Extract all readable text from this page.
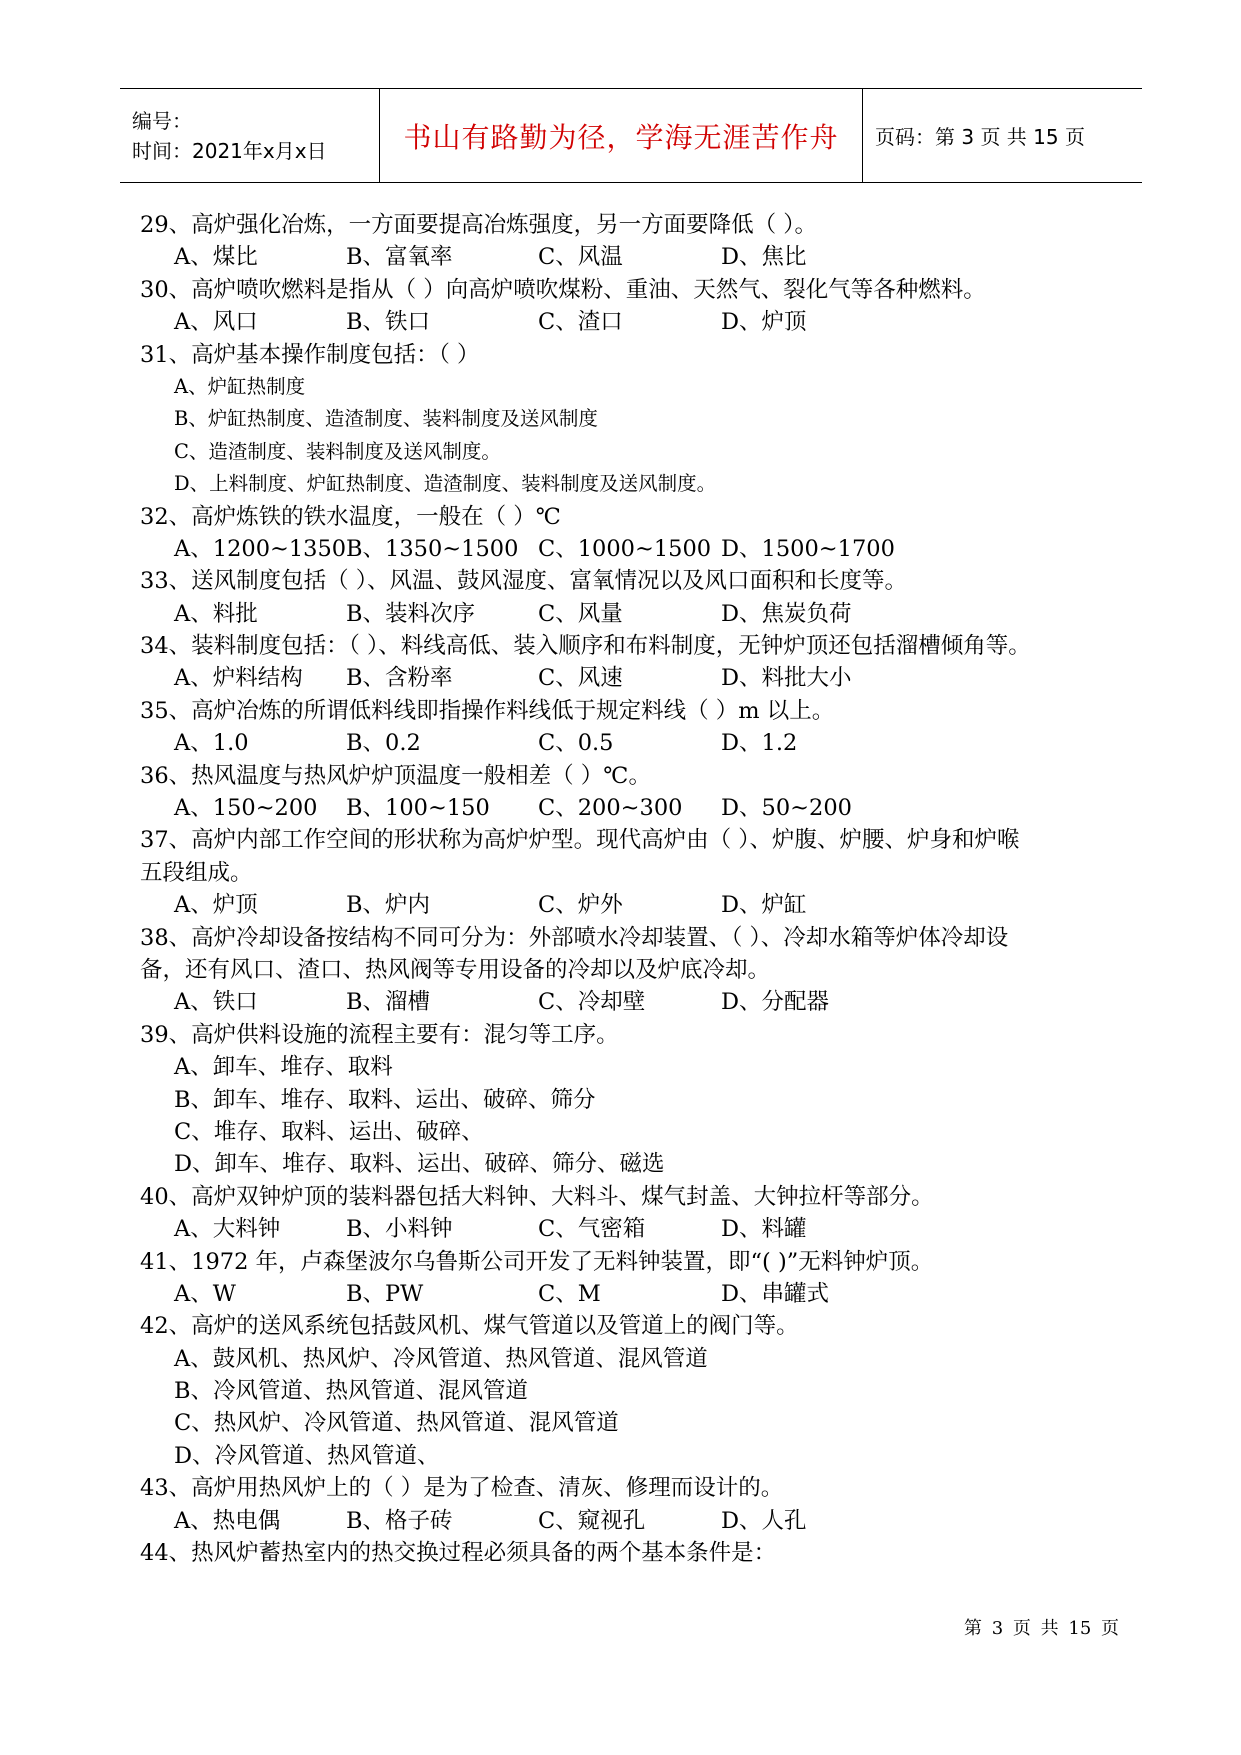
编号：
时间：2021年x月x日	书山有路勤为径，学海无涯苦作舟 页码：第 3 页 共 15 页
29、高炉强化冶炼，一方面要提高冶炼强度，另一方面要降低（ ）。
A、煤比	B、富氧率	C、风温	D、焦比
30、高炉喷吹燃料是指从（ ）向高炉喷吹煤粉、重油、天然气、裂化气等各种燃料。
A、风口	B、铁口	C、渣口	D、炉顶
31、高炉基本操作制度包括：（ ）
A、炉缸热制度
B、炉缸热制度、造渣制度、装料制度及送风制度
C、造渣制度、装料制度及送风制度。
D、上料制度、炉缸热制度、造渣制度、装料制度及送风制度。
32、高炉炼铁的铁水温度，一般在（ ）℃
A、1200~1350 B、1350~1500 C、1000~1500 D、1500~1700
33、送风制度包括（ ）、风温、鼓风湿度、富氧情况以及风口面积和长度等。
A、料批	B、装料次序	C、风量	D、焦炭负荷
34、装料制度包括：（ ）、料线高低、装入顺序和布料制度，无钟炉顶还包括溜槽倾角等。
A、炉料结构 B、含粉率	C、风速	D、料批大小
35、高炉冶炼的所谓低料线即指操作料线低于规定料线（ ）m 以上。
A、1.0	B、0.2	C、0.5	D、1.2
36、热风温度与热风炉炉顶温度一般相差（ ）℃。
A、150~200 B、100~150 C、200~300 D、50~200
37、高炉内部工作空间的形状称为高炉炉型。现代高炉由（ ）、炉腹、炉腰、炉身和炉喉
五段组成。
A、炉顶	B、炉内	C、炉外	D、炉缸
38、高炉冷却设备按结构不同可分为：外部喷水冷却装置、（ ）、冷却水箱等炉体冷却设
备，还有风口、渣口、热风阀等专用设备的冷却以及炉底冷却。
A、铁口	B、溜槽	C、冷却壁	D、分配器
39、高炉供料设施的流程主要有：混匀等工序。
A、卸车、堆存、取料
B、卸车、堆存、取料、运出、破碎、筛分
C、堆存、取料、运出、破碎、
D、卸车、堆存、取料、运出、破碎、筛分、磁选
40、高炉双钟炉顶的装料器包括大料钟、大料斗、煤气封盖、大钟拉杆等部分。
A、大料钟	B、小料钟	C、气密箱	D、料罐
41、1972 年，卢森堡波尔乌鲁斯公司开发了无料钟装置，即“( )”无料钟炉顶。
A、W	B、PW	C、M	D、串罐式
42、高炉的送风系统包括鼓风机、煤气管道以及管道上的阀门等。
A、鼓风机、热风炉、冷风管道、热风管道、混风管道
B、冷风管道、热风管道、混风管道
C、热风炉、冷风管道、热风管道、混风管道
D、冷风管道、热风管道、
43、高炉用热风炉上的（ ）是为了检查、清灰、修理而设计的。
A、热电偶	B、格子砖	C、窥视孔	D、人孔
44、热风炉蓄热室内的热交换过程必须具备的两个基本条件是：
第 3 页 共 15 页
